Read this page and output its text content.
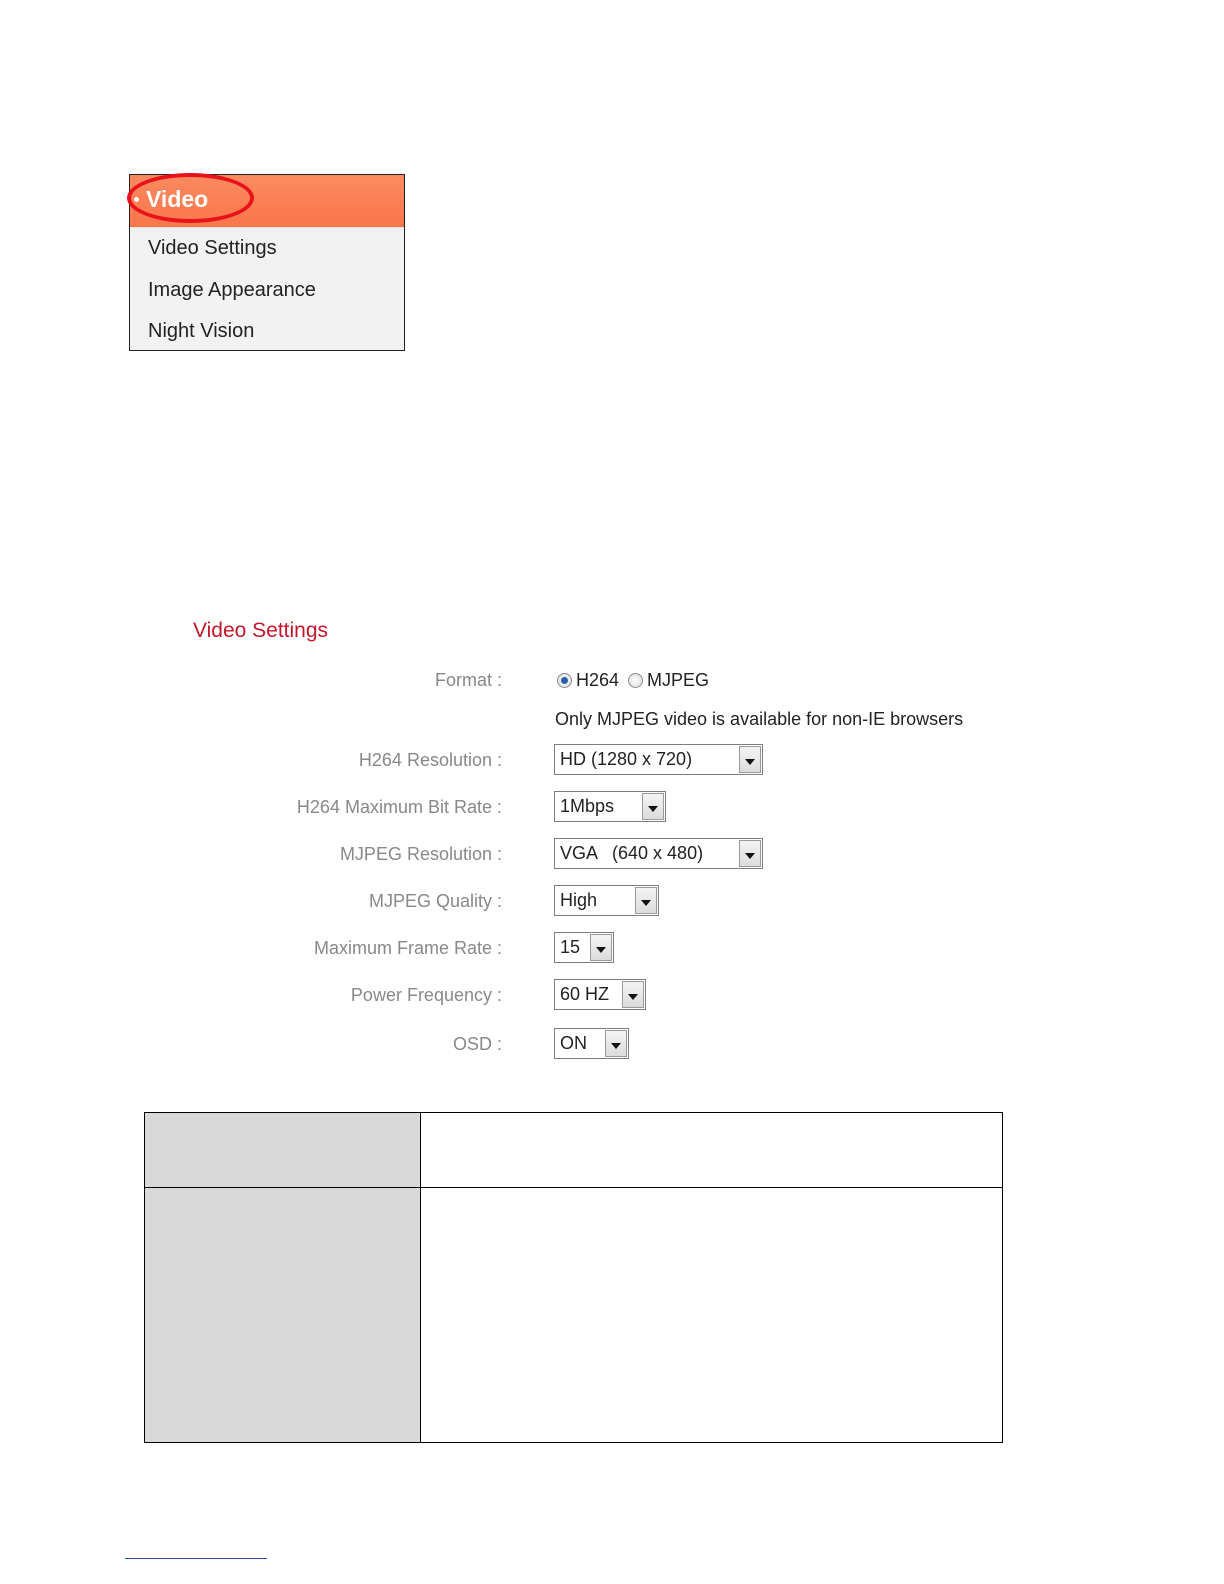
Video
Video Settings
Image Appearance
Night Vision
Video Settings
Format :	H264 MJPEG
Only MJPEG video is available for non-IE browsers
H264 Resolution :	HD (1280 x 720)
H264 Maximum Bit Rate :	1Mbps
MJPEG Resolution :	VGA   (640 x 480)
MJPEG Quality :	High
Maximum Frame Rate :	15
Power Frequency :	60 HZ
OSD :	ON
